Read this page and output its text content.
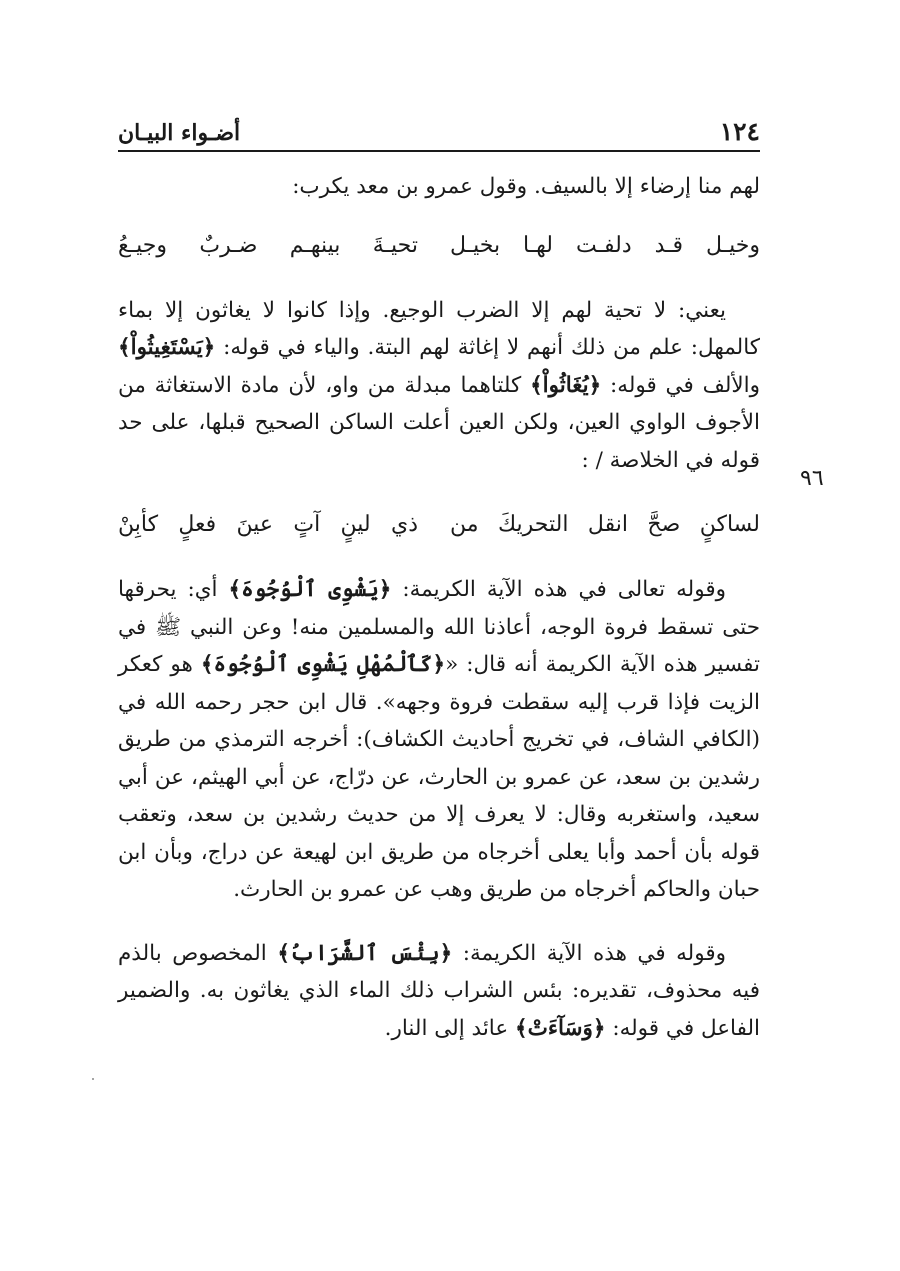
١٢٤
أضـواء البيـان

لهم منا إرضاء إلا بالسيف. وقول عمرو بن معد يكرب:

وخيـل قـد دلفـت لهـا بخيـل
تحيـةَ بينهـم ضـربٌ وجيـعُ

يعني: لا تحية لهم إلا الضرب الوجيع. وإذا كانوا لا يغاثون إلا بماء كالمهل: علم من ذلك أنهم لا إغاثة لهم البتة. والياء في قوله: ﴿يَسْتَغِيثُواْ﴾ والألف في قوله: ﴿يُغَاثُواْ﴾ كلتاهما مبدلة من واو، لأن مادة الاستغاثة من الأجوف الواوي العين، ولكن العين أعلت الساكن الصحيح قبلها، على حد قوله في الخلاصة / :

لساكنٍ صحَّ انقل التحريكَ من
ذي لينٍ آتٍ عينَ فعلٍ كأبِنْ

وقوله تعالى في هذه الآية الكريمة: ﴿يَشْوِى ٱلْوُجُوهَ﴾ أي: يحرقها حتى تسقط فروة الوجه، أعاذنا الله والمسلمين منه! وعن النبي ﷺ في تفسير هذه الآية الكريمة أنه قال: «﴿كَٱلْمُهْلِ يَشْوِى ٱلْوُجُوهَ﴾ هو كعكر الزيت فإذا قرب إليه سقطت فروة وجهه». قال ابن حجر رحمه الله في (الكافي الشاف، في تخريج أحاديث الكشاف): أخرجه الترمذي من طريق رشدين بن سعد، عن عمرو بن الحارث، عن درّاج، عن أبي الهيثم، عن أبي سعيد، واستغربه وقال: لا يعرف إلا من حديث رشدين بن سعد، وتعقب قوله بأن أحمد وأبا يعلى أخرجاه من طريق ابن لهيعة عن دراج، وبأن ابن حبان والحاكم أخرجاه من طريق وهب عن عمرو بن الحارث.

وقوله في هذه الآية الكريمة: ﴿بِئْسَ ٱلشَّرَابُ﴾ المخصوص بالذم فيه محذوف، تقديره: بئس الشراب ذلك الماء الذي يغاثون به. والضمير الفاعل في قوله: ﴿وَسَآءَتْ﴾ عائد إلى النار.

٩٦
